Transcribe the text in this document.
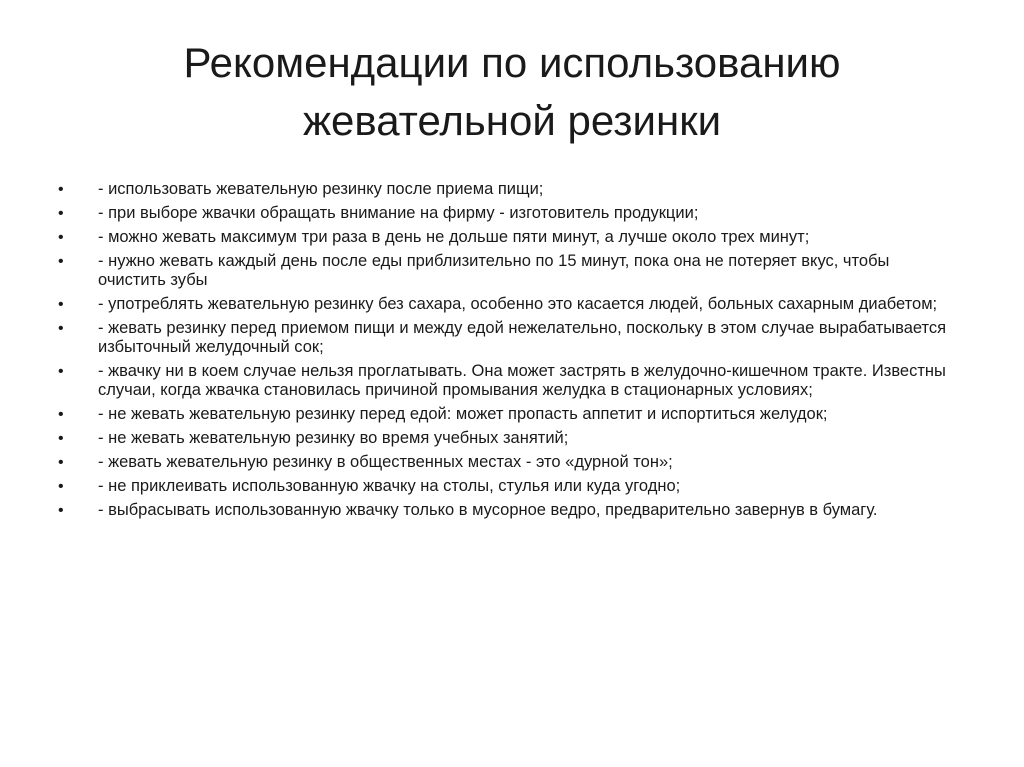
Рекомендации по использованию жевательной резинки
•	- использовать жевательную резинку после приема пищи;
•	- при выборе жвачки обращать внимание на фирму - изготовитель продукции;
•	- можно жевать максимум три раза в день не дольше пяти минут, а лучше около трех минут;
•	- нужно жевать каждый день после еды приблизительно по 15 минут, пока она не потеряет вкус, чтобы очистить зубы
•	- употреблять жевательную резинку без сахара, особенно это касается людей, больных сахарным диабетом;
•	- жевать резинку перед приемом пищи и между едой нежелательно, поскольку в этом случае вырабатывается избыточный желудочный сок;
•	- жвачку ни в коем случае нельзя проглатывать. Она может застрять в желудочно-кишечном тракте. Известны случаи, когда жвачка становилась причиной промывания желудка в стационарных условиях;
•	- не жевать жевательную резинку перед едой: может пропасть аппетит и испортиться желудок;
•	- не жевать жевательную резинку во время учебных занятий;
•	- жевать жевательную резинку в общественных местах - это «дурной тон»;
•	- не приклеивать использованную жвачку на столы, стулья или куда угодно;
•	- выбрасывать использованную жвачку только в мусорное ведро, предварительно завернув в бумагу.
